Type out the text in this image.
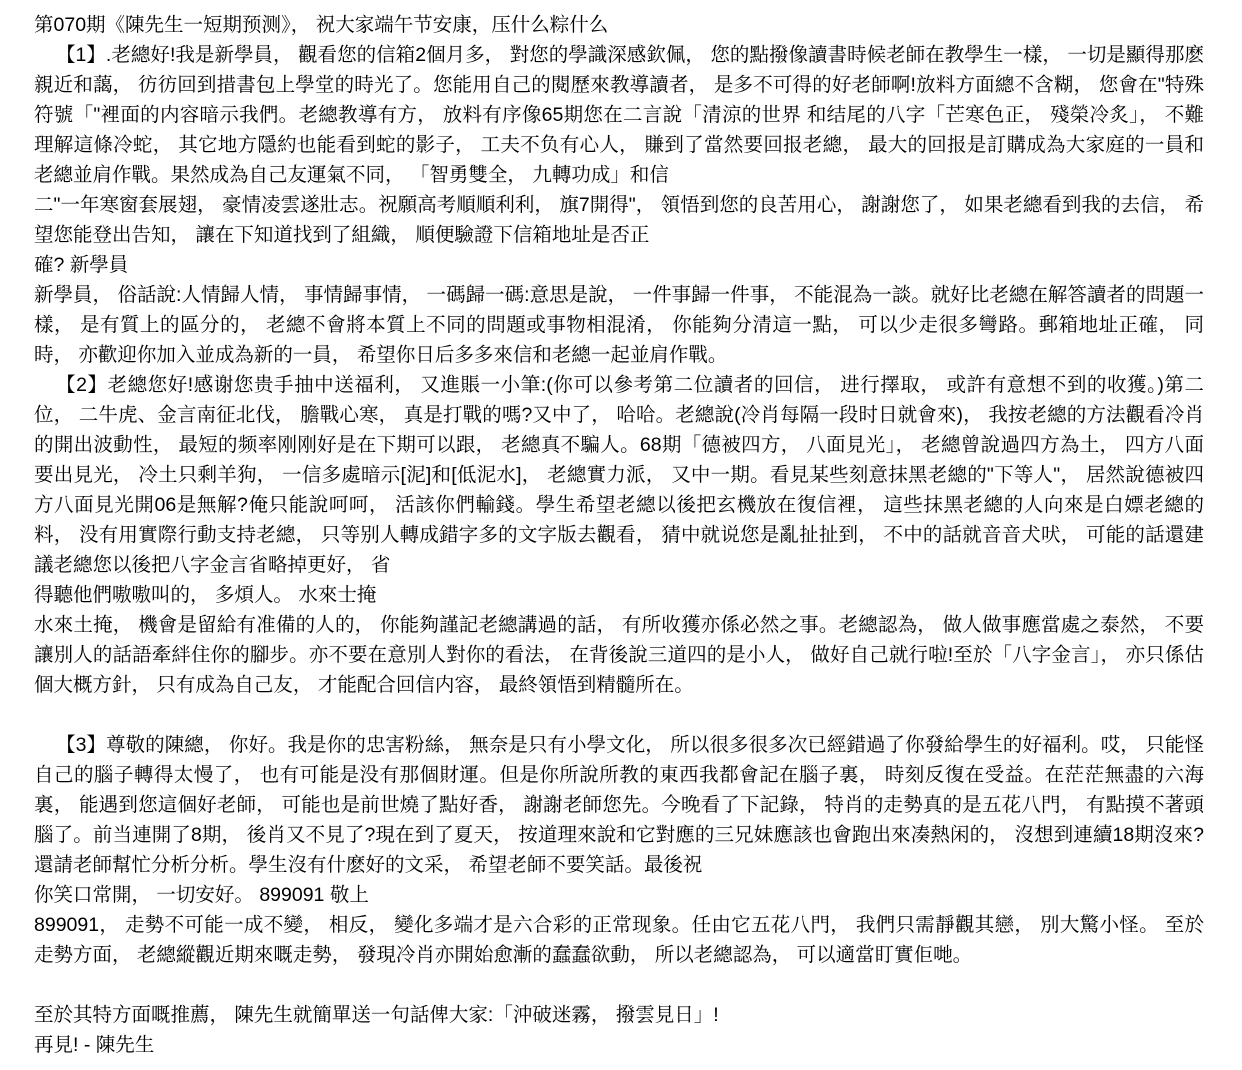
第070期《陳先生一短期预测》， 祝大家端午节安康，压什么粽什么

【1】.老總好!我是新學員， 觀看您的信箱2個月多， 對您的學識深感欽佩， 您的點撥像讀書時候老師在教學生一樣， 一切是顯得那麽親近和藹， 彷彷回到措書包上學堂的時光了。您能用自己的閱歷來教導讀者， 是多不可得的好老師啊!放料方面總不含糊， 您會在"特殊符號「"裡面的内容暗示我們。老總教導有方， 放料有序像65期您在二言說「清涼的世界 和结尾的八字「芒寒色正， 殘榮冷炙」， 不難理解這條冷蛇， 其它地方隱約也能看到蛇的影子， 工夫不负有心人， 賺到了當然要回报老總， 最大的回报是訂購成為大家庭的一員和老總並肩作戰。果然成為自己友運氣不同， 「智勇雙全， 九轉功成」和信

二"一年寒窗套展翅， 豪情凌雲遂壯志。祝願高考順順利利， 旗7開得"， 領悟到您的良苦用心， 謝謝您了， 如果老總看到我的去信， 希望您能登出告知， 讓在下知道找到了組織， 順便驗證下信箱地址是否正

確? 新學員

新學員， 俗話說:人情歸人情， 事情歸事情， 一碼歸一碼:意思是說， 一件事歸一件事， 不能混為一談。就好比老總在解答讀者的問題一樣， 是有質上的區分的， 老總不會將本質上不同的問題或事物相混淆， 你能夠分清這一點， 可以少走很多彎路。郵箱地址正確， 同時， 亦歡迎你加入並成為新的一員， 希望你日后多多來信和老總一起並肩作戰。

【2】老總您好!感谢您贵手抽中送福利， 又進賬一小筆:(你可以參考第二位讀者的回信， 进行擇取， 或許有意想不到的收獲。)第二位， 二牛虎、金言南征北伐， 膽戰心寒， 真是打戰的嗎?又中了， 哈哈。老總說(冷肖每隔一段时日就會來)， 我按老總的方法觀看冷肖的開出波動性， 最短的频率刚刚好是在下期可以跟， 老總真不騙人。68期「德被四方， 八面見光」， 老總曾說過四方為土， 四方八面要出見光， 冷土只剩羊狗， 一信多處暗示[泥]和[低泥水]， 老總實力派， 又中一期。看見某些刻意抹黑老總的"下等人"， 居然說德被四方八面見光開06是無解?俺只能說呵呵， 活該你們輸錢。學生希望老總以後把玄機放在復信裡， 這些抹黑老總的人向來是白嫖老總的料， 没有用實際行動支持老總， 只等别人轉成錯字多的文字版去觀看， 猜中就说您是亂扯扯到， 不中的話就音音犬吠， 可能的話還建議老總您以後把八字金言省略掉更好， 省

得聽他們嗷嗷叫的， 多煩人。 水來士掩

水來土掩， 機會是留給有准備的人的， 你能夠謹記老總講過的話， 有所收獲亦係必然之事。老總認為， 做人做事應當處之泰然， 不要讓別人的話語牽絆住你的腳步。亦不要在意別人對你的看法， 在背後說三道四的是小人， 做好自己就行啦!至於「八字金言」， 亦只係估個大概方針， 只有成為自己友， 才能配合回信内容， 最終領悟到精髓所在。

【3】尊敬的陳總， 你好。我是你的忠害粉絲， 無奈是只有小學文化， 所以很多很多次已經錯過了你發給學生的好福利。哎， 只能怪自己的腦子轉得太慢了， 也有可能是没有那個財運。但是你所說所教的東西我都會記在腦子裏， 時刻反復在受益。在茫茫無盡的六海裏， 能遇到您這個好老師， 可能也是前世燒了點好香， 謝謝老師您先。今晚看了下記錄， 特肖的走勢真的是五花八門， 有點摸不著頭腦了。前当連開了8期， 後肖又不見了?現在到了夏天， 按道理來說和它對應的三兄妹應該也會跑出來凑熱闲的， 沒想到連續18期沒來?還請老師幫忙分析分析。學生沒有什麽好的文采， 希望老師不要笑話。最後祝

你笑口常開， 一切安好。 899091 敬上

899091， 走勢不可能一成不變， 相反， 變化多端才是六合彩的正常现象。任由它五花八門， 我們只需靜觀其戀， 別大驚小怪。 至於走勢方面， 老總縱觀近期來嘅走勢， 發現冷肖亦開始愈漸的蠢蠢欲動， 所以老總認為， 可以適當盯實佢哋。

至於其特方面嘅推薦， 陳先生就簡單送一句話俾大家:「沖破迷霧， 撥雲見日」!

再見! - 陳先生
